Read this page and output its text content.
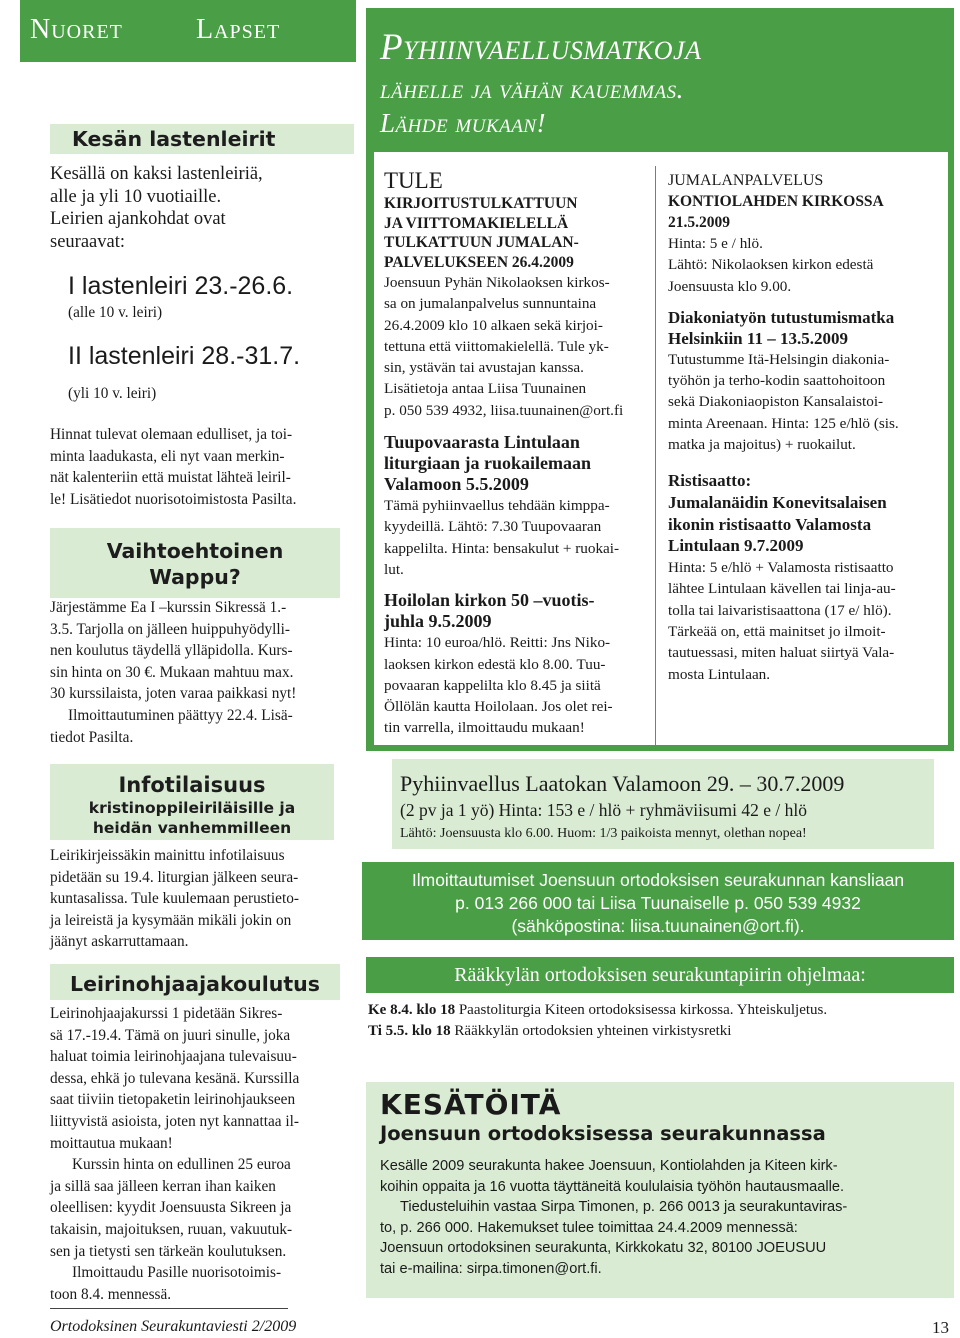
Nuoret	Lapset
Kesän lastenleirit
Kesällä on kaksi lastenleiriä,
alle ja yli 10 vuotiaille.
Leirien ajankohdat ovat
seuraavat:
I lastenleiri 23.-26.6.
(alle 10 v. leiri)
II lastenleiri 28.-31.7.
(yli 10 v. leiri)

Hinnat tulevat olemaan edulliset, ja toi-

minta laadukasta, eli nyt vaan merkin-

nät kalenteriin että muistat lähteä leiril-

le! Lisätiedot nuorisotoimistosta Pasilta.

Vaihtoehtoinen
Wappu?

Järjestämme Ea I –kurssin Sikressä 1.-

3.5. Tarjolla on jälleen huippuhyödylli-

nen koulutus täydellä ylläpidolla. Kurs-

sin hinta on 30 €. Mukaan mahtuu max.

30 kurssilaista, joten varaa paikkasi nyt!

Ilmoittautuminen päättyy 22.4. Lisä-

tiedot Pasilta.

Infotilaisuus
kristinoppileiriläisille ja
heidän vanhemmilleen

Leirikirjeissäkin mainittu infotilaisuus

pidetään su 19.4. liturgian jälkeen seura-

kuntasalissa. Tule kuulemaan perustieto-

ja leireistä ja kysymään mikäli jokin on

jäänyt askarruttamaan.

Leirinohjaajakoulutus

Leirinohjaajakurssi 1 pidetään Sikres-

sä 17.-19.4. Tämä on juuri sinulle, joka

haluat toimia leirinohjaajana tulevaisuu-

dessa, ehkä jo tulevana kesänä. Kurssilla

saat tiiviin tietopaketin leirinohjaukseen

liittyvistä asioista, joten nyt kannattaa il-

moittautua mukaan!

Kurssin hinta on edullinen 25 euroa

ja sillä saa jälleen kerran ihan kaiken

oleellisen: kyydit Joensuusta Sikreen ja

takaisin, majoituksen, ruuan, vakuutuk-

sen ja tietysti sen tärkeän koulutuksen.

Ilmoittaudu Pasille nuorisotoimis-

toon 8.4. mennessä.

Pyhiinvaellusmatkoja
lähelle ja vähän kauemmas.
Lähde mukaan!
TULE
KIRJOITUSTULKATTUUN
JA VIITTOMAKIELELLÄ
TULKATTUUN JUMALAN-
PALVELUKSEEN 26.4.2009

Joensuun Pyhän Nikolaoksen kirkos-

sa on jumalanpalvelus sunnuntaina

26.4.2009 klo 10 alkaen sekä kirjoi-

tettuna että viittomakielellä. Tule yk-

sin, ystävän tai avustajan kanssa.

Lisätietoja antaa Liisa Tuunainen

p. 050 539 4932, liisa.tuunainen@ort.fi

Tuupovaarasta Lintulaan
liturgiaan ja ruokailemaan
Valamoon 5.5.2009

Tämä pyhiinvaellus tehdään kimppa-

kyydeillä. Lähtö: 7.30 Tuupovaaran

kappelilta. Hinta: bensakulut + ruokai-

lut.

Hoilolan kirkon 50 –vuotis-
juhla 9.5.2009

Hinta: 10 euroa/hlö. Reitti: Jns Niko-

laoksen kirkon edestä klo 8.00. Tuu-

povaaran kappelilta klo 8.45 ja siitä

Öllölän kautta Hoilolaan. Jos olet rei-

tin varrella, ilmoittaudu mukaan!

JUMALANPALVELUS
KONTIOLAHDEN KIRKOSSA
21.5.2009

Hinta: 5 e / hlö.

Lähtö: Nikolaoksen kirkon edestä

Joensuusta klo 9.00.

Diakoniatyön tutustumismatka
Helsinkiin 11 – 13.5.2009

Tutustumme Itä-Helsingin diakonia-

työhön ja terho-kodin saattohoitoon

sekä Diakoniaopiston Kansalaistoi-

minta Areenaan. Hinta: 125 e/hlö (sis.

matka ja majoitus) + ruokailut.

Ristisaatto:
Jumalanäidin Konevitsalaisen
ikonin ristisaatto Valamosta
Lintulaan 9.7.2009

Hinta: 5 e/hlö + Valamosta ristisaatto

lähtee Lintulaan kävellen tai linja-au-

tolla tai laivaristisaattona (17 e/ hlö).

Tärkeää on, että mainitset jo ilmoit-

tautuessasi, miten haluat siirtyä Vala-

mosta Lintulaan.

Pyhiinvaellus Laatokan Valamoon 29. – 30.7.2009
(2 pv ja 1 yö) Hinta: 153 e / hlö + ryhmäviisumi 42 e / hlö
Lähtö: Joensuusta klo 6.00. Huom: 1/3 paikoista mennyt, olethan nopea!
Ilmoittautumiset Joensuun ortodoksisen seurakunnan kansliaan
p. 013 266 000 tai Liisa Tuunaiselle p. 050 539 4932
(sähköpostina: liisa.tuunainen@ort.fi).
Rääkkylän ortodoksisen seurakuntapiirin ohjelmaa:
Ke 8.4. klo 18 Paastoliturgia Kiteen ortodoksisessa kirkossa. Yhteiskuljetus.
Ti 5.5. klo 18 Rääkkylän ortodoksien yhteinen virkistysretki
KESÄTÖITÄ
Joensuun ortodoksisessa seurakunnassa
Kesälle 2009 seurakunta hakee Joensuun, Kontiolahden ja Kiteen kirk-
koihin oppaita ja 16 vuotta täyttäneitä koululaisia työhön hautausmaalle.
Tiedusteluihin vastaa Sirpa Timonen, p. 266 0013 ja seurakuntaviras-
to, p. 266 000. Hakemukset tulee toimittaa 24.4.2009 mennessä:
Joensuun ortodoksinen seurakunta, Kirkkokatu 32, 80100 JOEUSUU
tai e-mailina: sirpa.timonen@ort.fi.
Ortodoksinen Seurakuntaviesti 2/2009	13
